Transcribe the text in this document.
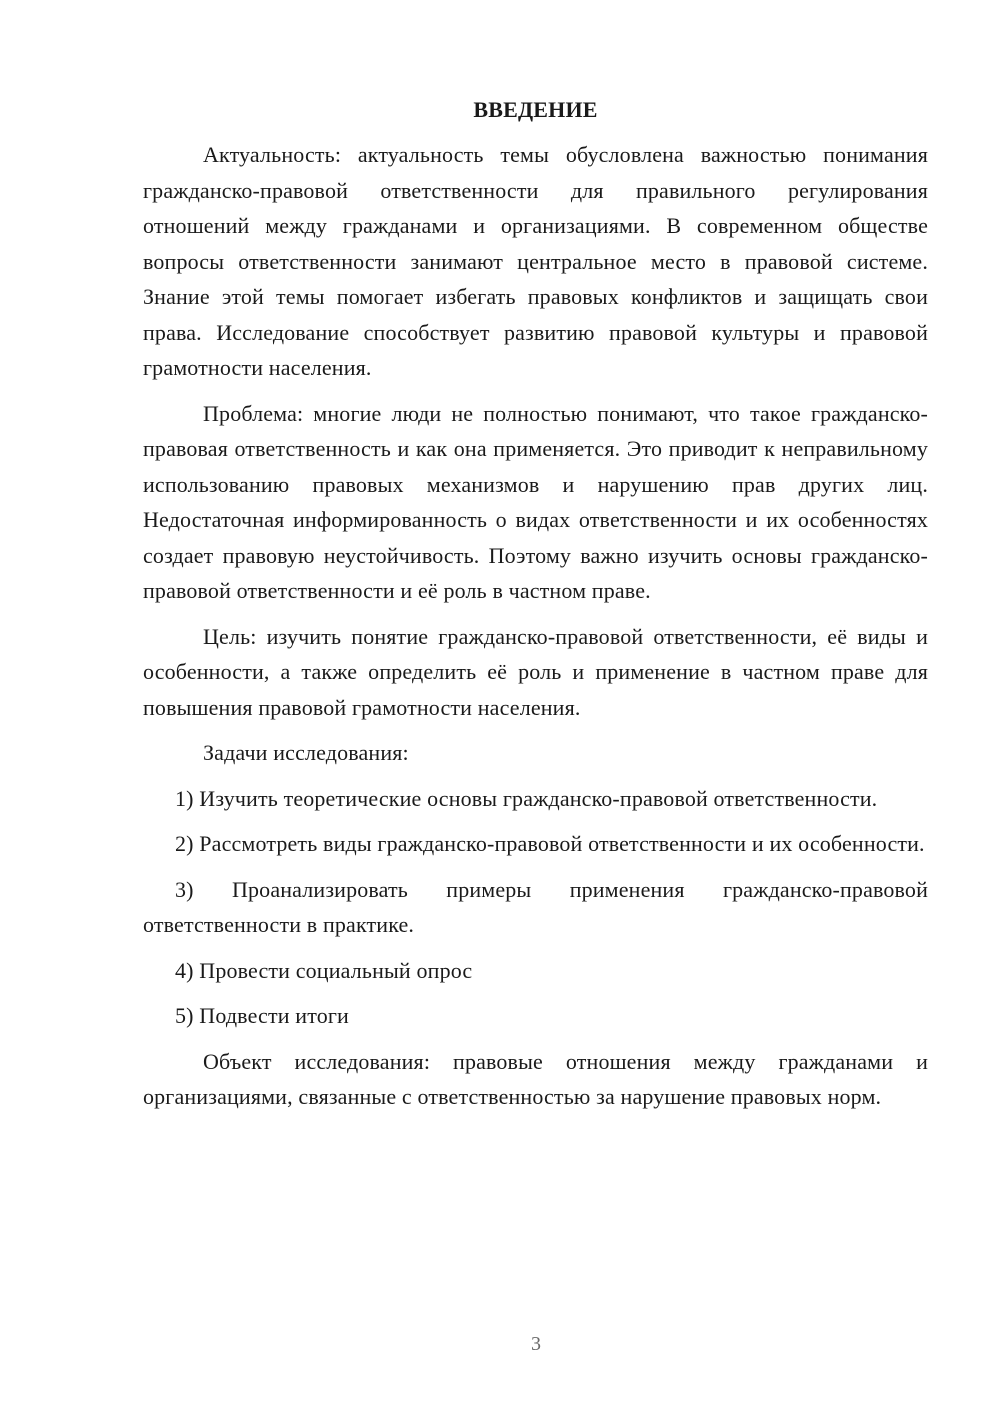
ВВЕДЕНИЕ

Актуальность: актуальность темы обусловлена важностью понимания гражданско-правовой ответственности для правильного регулирования отношений между гражданами и организациями. В современном обществе вопросы ответственности занимают центральное место в правовой системе. Знание этой темы помогает избегать правовых конфликтов и защищать свои права. Исследование способствует развитию правовой культуры и правовой грамотности населения.

Проблема: многие люди не полностью понимают, что такое гражданско-правовая ответственность и как она применяется. Это приводит к неправильному использованию правовых механизмов и нарушению прав других лиц. Недостаточная информированность о видах ответственности и их особенностях создает правовую неустойчивость. Поэтому важно изучить основы гражданско-правовой ответственности и её роль в частном праве.

Цель: изучить понятие гражданско-правовой ответственности, её виды и особенности, а также определить её роль и применение в частном праве для повышения правовой грамотности населения.

Задачи исследования:

1) Изучить теоретические основы гражданско-правовой ответственности.

2) Рассмотреть виды гражданско-правовой ответственности и их особенности.

3) Проанализировать примеры применения гражданско-правовой ответственности в практике.

4) Провести социальный опрос

5) Подвести итоги

Объект исследования: правовые отношения между гражданами и организациями, связанные с ответственностью за нарушение правовых норм.

3
